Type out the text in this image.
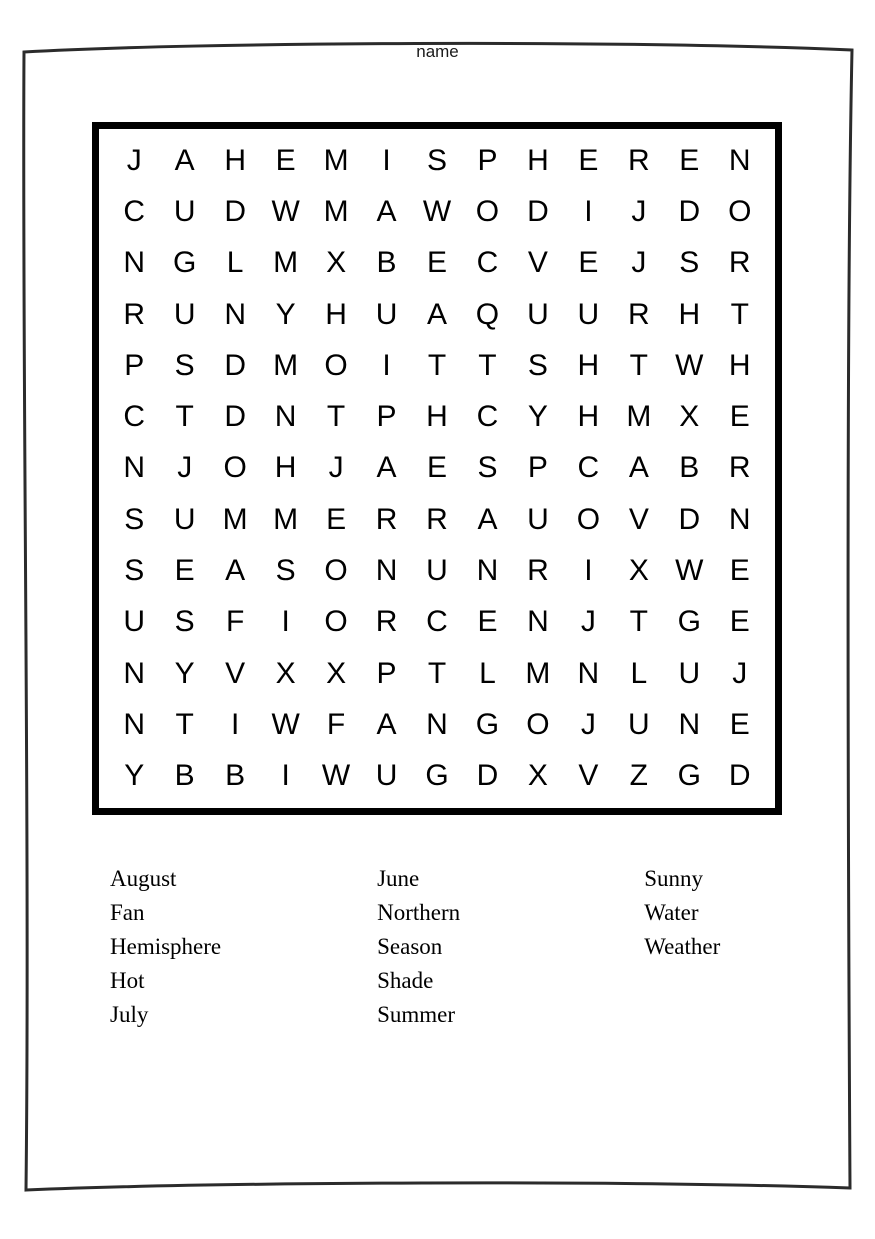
name
J	A H E M	I	S	P H E R E N
C U D W M A W O D	I	J	D O
N G	L M X	B	E C V	E	J	S R
R U N Y H U A Q U U R H	T
P	S D M O	I	T	T	S H	T W H
C	T	D N	T	P H C Y H M X	E
N	J	O H	J	A	E	S	P C A	B R
S U M M E R R A U O V D N
S	E	A	S O N U N R	I	X W E
U S	F	I	O R C E N	J	T G E
N Y	V	X	X	P	T	L M N	L	U	J
N	T	I	W F	A N G O	J	U N E
Y	B	B	I	W U G D X	V	Z G D
August
Fan
Hemisphere
Hot
July
June
Northern
Season
Shade
Summer
Sunny
Water
Weather
